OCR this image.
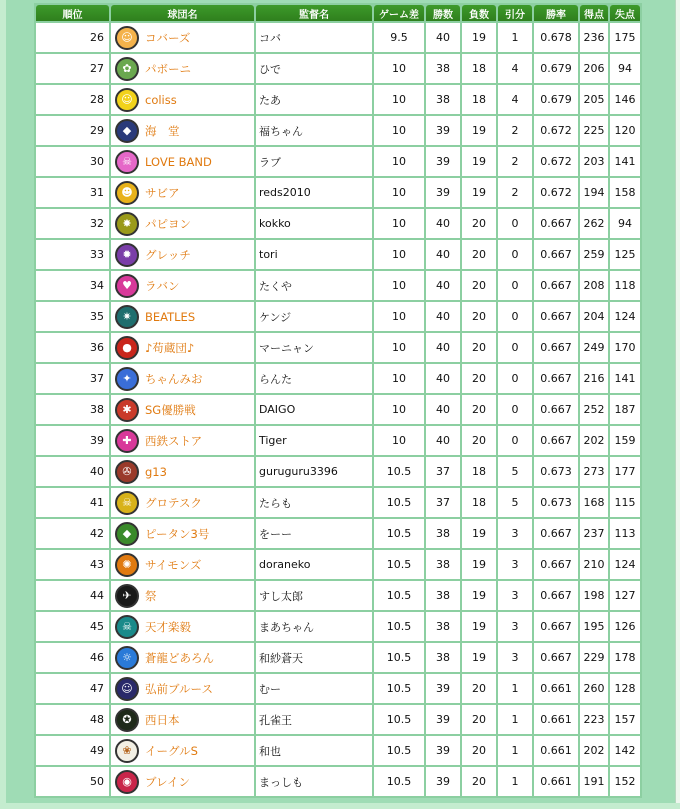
順位	球団名	監督名	ゲーム差	勝数	負数	引分	勝率	得点	失点
26	☺ コバーズ	コバ	9.5	40	19	1	0.678	236	175
27	✿ パボーニ	ひで	10	38	18	4	0.679	206	94
28	☺ coliss	たあ	10	38	18	4	0.679	205	146
29	◆ 海　堂	福ちゃん	10	39	19	2	0.672	225	120
30	☠ LOVE BAND	ラブ	10	39	19	2	0.672	203	141
31	☻ サビア	reds2010	10	39	19	2	0.672	194	158
32	✸ パピヨン	kokko	10	40	20	0	0.667	262	94
33	✹ グレッチ	tori	10	40	20	0	0.667	259	125
34	♥ ラバン	たくや	10	40	20	0	0.667	208	118
35	✷ BEATLES	ケンジ	10	40	20	0	0.667	204	124
36	● ♪苟蔵団♪	マーニャン	10	40	20	0	0.667	249	170
37	✦ ちゃんみお	らんた	10	40	20	0	0.667	216	141
38	✱ SG優勝戦	DAIGO	10	40	20	0	0.667	252	187
39	✚ 西鉄ストア	Tiger	10	40	20	0	0.667	202	159
40	✇ g13	guruguru3396	10.5	37	18	5	0.673	273	177
41	☠ グロテスク	たらも	10.5	37	18	5	0.673	168	115
42	◆ ピータン3号	をーー	10.5	38	19	3	0.667	237	113
43	✺ サイモンズ	doraneko	10.5	38	19	3	0.667	210	124
44	✈ 祭	すし太郎	10.5	38	19	3	0.667	198	127
45	☠ 天才楽毅	まあちゃん	10.5	38	19	3	0.667	195	126
46	☼ 蒼龍どあろん	和紗蒼天	10.5	38	19	3	0.667	229	178
47	☺ 弘前ブルース	むー	10.5	39	20	1	0.661	260	128
48	✪ 西日本	孔雀王	10.5	39	20	1	0.661	223	157
49	❀ イーグルS	和也	10.5	39	20	1	0.661	202	142
50	◉ ブレイン	まっしも	10.5	39	20	1	0.661	191	152
